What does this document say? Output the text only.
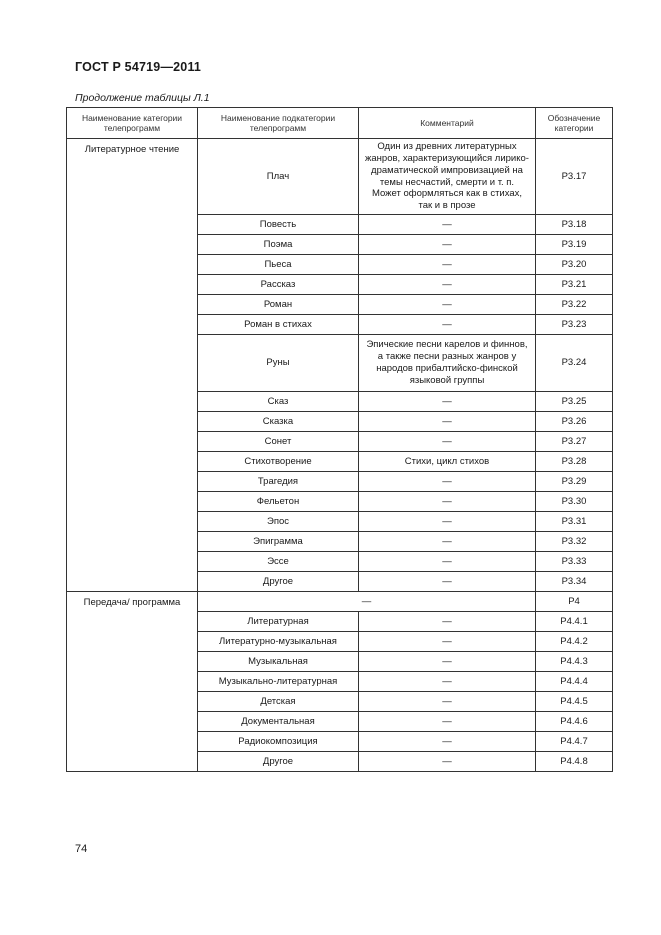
ГОСТ Р 54719—2011
Продолжение таблицы Л.1
Наименование категории телепрограмм	Наименование подкатегории телепрограмм	Комментарий	Обозначение категории
Литературное чтение	Плач	Один из древних литературных жанров, характеризующийся лирико-драматической импровизацией на темы несчастий, смерти и т. п. Может оформляться как в стихах, так и в прозе	P3.17
	Повесть	—	P3.18
	Поэма	—	P3.19
	Пьеса	—	P3.20
	Рассказ	—	P3.21
	Роман	—	P3.22
	Роман в стихах	—	P3.23
	Руны	Эпические песни карелов и финнов, а также песни разных жанров у народов прибалтийско-финской языковой группы	P3.24
	Сказ	—	P3.25
	Сказка	—	P3.26
	Сонет	—	P3.27
	Стихотворение	Стихи, цикл стихов	P3.28
	Трагедия	—	P3.29
	Фельетон	—	P3.30
	Эпос	—	P3.31
	Эпиграмма	—	P3.32
	Эссе	—	P3.33
	Другое	—	P3.34
Передача/ программа	—		P4
	Литературная	—	P4.4.1
	Литературно-музыкальная	—	P4.4.2
	Музыкальная	—	P4.4.3
	Музыкально-литературная	—	P4.4.4
	Детская	—	P4.4.5
	Документальная	—	P4.4.6
	Радиокомпозиция	—	P4.4.7
	Другое	—	P4.4.8
74
